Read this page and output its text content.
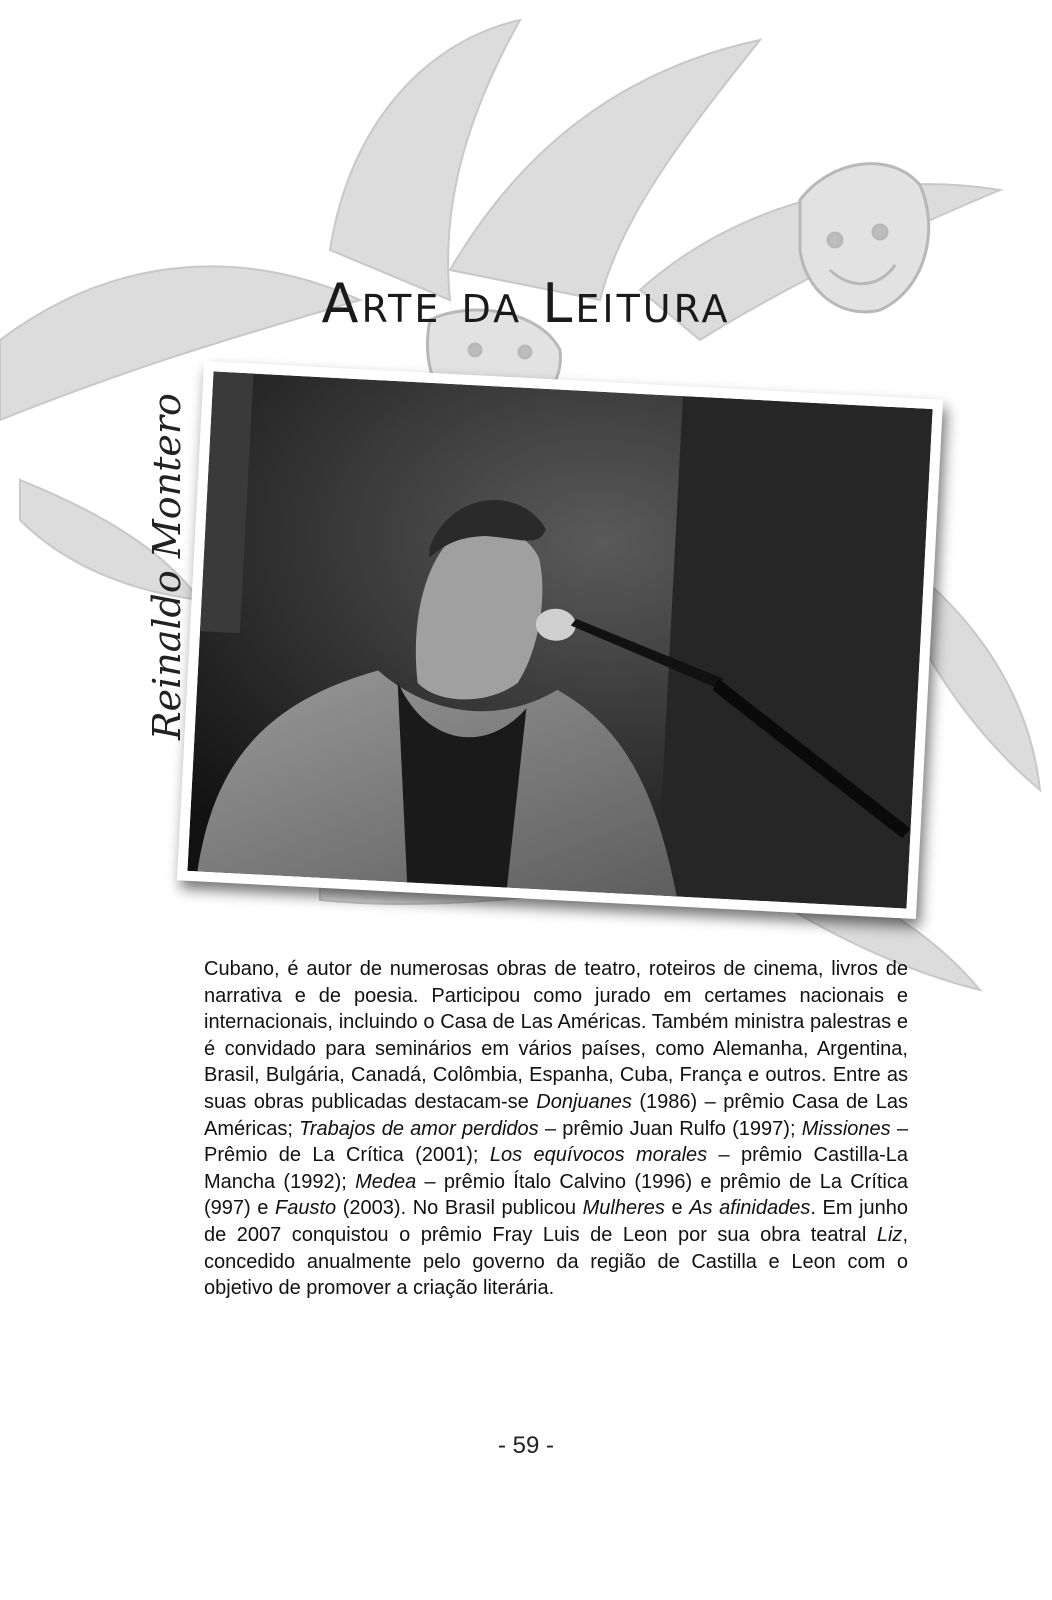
Arte da Leitura
Reinaldo Montero

Cubano, é autor de numerosas obras de teatro, roteiros de cinema, livros de narrativa e de poesia. Participou como jurado em certames nacionais e internacionais, incluindo o Casa de Las Américas. Também ministra palestras e é convidado para seminários em vários países, como Alemanha, Argentina, Brasil, Bulgária, Canadá, Colômbia, Espanha, Cuba, França e outros. Entre as suas obras publicadas destacam-se Donjuanes (1986) – prêmio Casa de Las Américas; Trabajos de amor perdidos – prêmio Juan Rulfo (1997); Missiones – Prêmio de La Crítica (2001); Los equívocos morales – prêmio Castilla-La Mancha (1992); Medea – prêmio Ítalo Calvino (1996) e prêmio de La Crítica (997) e Fausto (2003). No Brasil publicou Mulheres e As afinidades. Em junho de 2007 conquistou o prêmio Fray Luis de Leon por sua obra teatral Liz, concedido anualmente pelo governo da região de Castilla e Leon com o objetivo de promover a criação literária.

- 59 -
